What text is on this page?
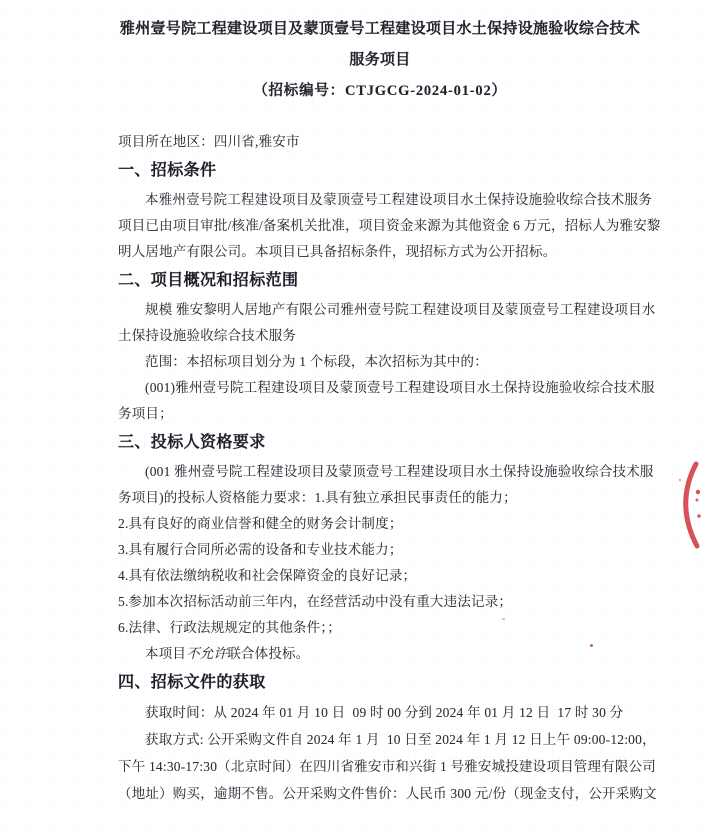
雅州壹号院工程建设项目及蒙顶壹号工程建设项目水土保持设施验收综合技术
服务项目
（招标编号：CTJGCG-2024-01-02）
项目所在地区：四川省,雅安市
一、招标条件
本雅州壹号院工程建设项目及蒙顶壹号工程建设项目水土保持设施验收综合技术服务
项目已由项目审批/核准/备案机关批准，项目资金来源为其他资金 6 万元，招标人为雅安黎
明人居地产有限公司。本项目已具备招标条件，现招标方式为公开招标。
二、项目概况和招标范围
规模 雅安黎明人居地产有限公司雅州壹号院工程建设项目及蒙顶壹号工程建设项目水
土保持设施验收综合技术服务
范围：本招标项目划分为 1 个标段，本次招标为其中的：
(001)雅州壹号院工程建设项目及蒙顶壹号工程建设项目水土保持设施验收综合技术服
务项目；
三、投标人资格要求
(001 雅州壹号院工程建设项目及蒙顶壹号工程建设项目水土保持设施验收综合技术服
务项目)的投标人资格能力要求：1.具有独立承担民事责任的能力；
2.具有良好的商业信誉和健全的财务会计制度；
3.具有履行合同所必需的设备和专业技术能力；
4.具有依法缴纳税收和社会保障资金的良好记录；
5.参加本次招标活动前三年内，在经营活动中没有重大违法记录；
6.法律、行政法规规定的其他条件；；
本项目不允许联合体投标。
四、招标文件的获取
获取时间：从 2024 年 01 月 10 日  09 时 00 分到 2024 年 01 月 12 日  17 时 30 分
获取方式: 公开采购文件自 2024 年 1 月  10 日至 2024 年 1 月 12 日上午 09:00-12:00，
下午 14:30-17:30（北京时间）在四川省雅安市和兴街 1 号雅安城投建设项目管理有限公司
（地址）购买，逾期不售。公开采购文件售价：人民币 300 元/份（现金支付，公开采购文
